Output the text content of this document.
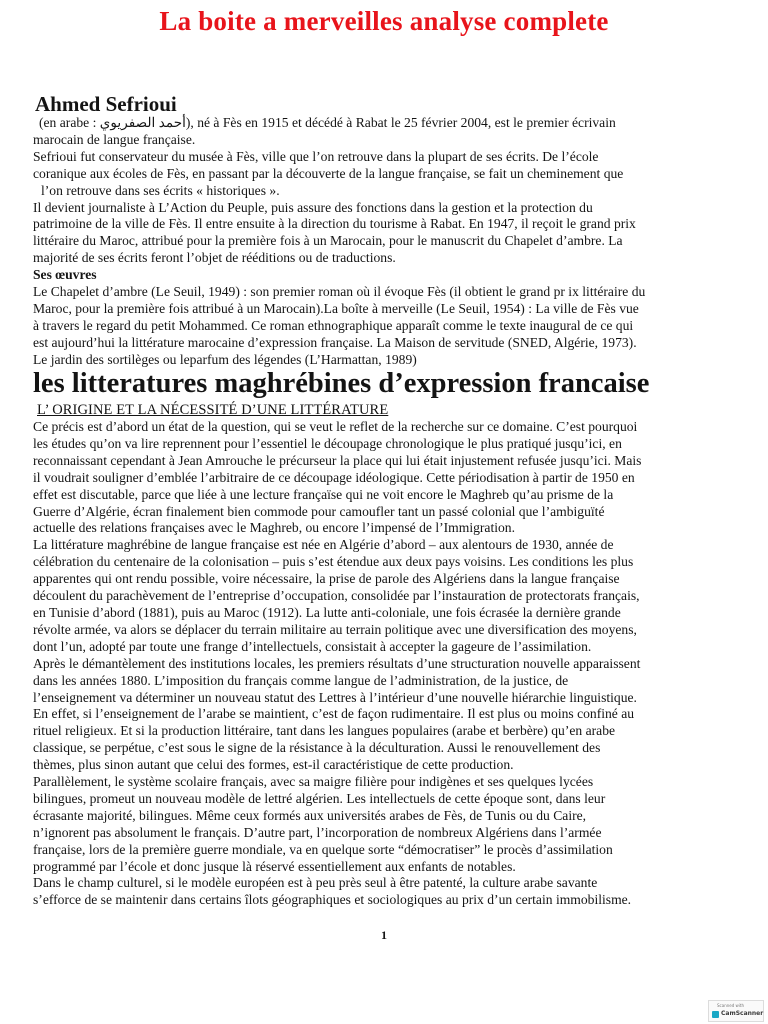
La boite a merveilles analyse complete
Ahmed Sefrioui

(en arabe : أحمد الصفريوي), né à Fès en 1915 et décédé à Rabat le 25 février 2004, est le premier écrivain

marocain de langue française.

Sefrioui fut conservateur du musée à Fès, ville que l’on retrouve dans la plupart de ses écrits. De l’école

coranique aux écoles de Fès, en passant par la découverte de la langue française, se fait un cheminement que

l’on retrouve dans ses écrits « historiques ».

Il devient journaliste à L’Action du Peuple, puis assure des fonctions dans la gestion et la protection du

patrimoine de la ville de Fès. Il entre ensuite à la direction du tourisme à Rabat. En 1947, il reçoit le grand prix

littéraire du Maroc, attribué pour la première fois à un Marocain, pour le manuscrit du Chapelet d’ambre. La

majorité de ses écrits feront l’objet de rééditions ou de traductions.

Ses œuvres

Le Chapelet d’ambre (Le Seuil, 1949) : son premier roman où il évoque Fès (il obtient le grand pr ix littéraire du

Maroc, pour la première fois attribué à un Marocain).La boîte à merveille (Le Seuil, 1954) : La ville de Fès vue

à travers le regard du petit Mohammed. Ce roman ethnographique apparaît comme le texte inaugural de ce qui

est aujourd’hui la littérature marocaine d’expression française. La Maison de servitude (SNED, Algérie, 1973).

Le jardin des sortilèges ou leparfum des légendes (L’Harmattan, 1989)

les litteratures maghrébines d’expression francaise
L’ ORIGINE ET LA NÉCESSITÉ D’UNE LITTÉRATURE

Ce précis est d’abord un état de la question, qui se veut le reflet de la recherche sur ce domaine. C’est pourquoi

les études qu’on va lire reprennent pour l’essentiel le découpage chronologique le plus pratiqué jusqu’ici, en

reconnaissant cependant à Jean Amrouche le précurseur la place qui lui était injustement refusée jusqu’ici. Mais

il voudrait souligner d’emblée l’arbitraire de ce découpage idéologique. Cette périodisation à partir de 1950 en

effet est discutable, parce que liée à une lecture françaïse qui ne voit encore le Maghreb qu’au prisme de la

Guerre d’Algérie, écran finalement bien commode pour camoufler tant un passé colonial que l’ambiguïté

actuelle des relations françaises avec le Maghreb, ou encore l’impensé de l’Immigration.

La littérature maghrébine de langue française est née en Algérie d’abord – aux alentours de 1930, année de

célébration du centenaire de la colonisation – puis s’est étendue aux deux pays voisins. Les conditions les plus

apparentes qui ont rendu possible, voire nécessaire, la prise de parole des Algériens dans la langue française

découlent du parachèvement de l’entreprise d’occupation, consolidée par l’instauration de protectorats français,

en Tunisie d’abord (1881), puis au Maroc (1912). La lutte anti-coloniale, une fois écrasée la dernière grande

révolte armée, va alors se déplacer du terrain militaire au terrain politique avec une diversification des moyens,

dont l’un, adopté par toute une frange d’intellectuels, consistait à accepter la gageure de l’assimilation.

Après le démantèlement des institutions locales, les premiers résultats d’une structuration nouvelle apparaissent

dans les années 1880. L’imposition du français comme langue de l’administration, de la justice, de

l’enseignement va déterminer un nouveau statut des Lettres à l’intérieur d’une nouvelle hiérarchie linguistique.

En effet, si l’enseignement de l’arabe se maintient, c’est de façon rudimentaire. Il est plus ou moins confiné au

rituel religieux. Et si la production littéraire, tant dans les langues populaires (arabe et berbère) qu’en arabe

classique, se perpétue, c’est sous le signe de la résistance à la déculturation. Aussi le renouvellement des

thèmes, plus sinon autant que celui des formes, est-il caractéristique de cette production.

Parallèlement, le système scolaire français, avec sa maigre filière pour indigènes et ses quelques lycées

bilingues, promeut un nouveau modèle de lettré algérien. Les intellectuels de cette époque sont, dans leur

écrasante majorité, bilingues. Même ceux formés aux universités arabes de Fès, de Tunis ou du Caire,

n’ignorent pas absolument le français. D’autre part, l’incorporation de nombreux Algériens dans l’armée

française, lors de la première guerre mondiale, va en quelque sorte “démocratiser” le procès d’assimilation

programmé par l’école et donc jusque là réservé essentiellement aux enfants de notables.

Dans le champ culturel, si le modèle européen est à peu près seul à être patenté, la culture arabe savante

s’efforce de se maintenir dans certains îlots géographiques et sociologiques au prix d’un certain immobilisme.

1
Scanned with
CamScanner
